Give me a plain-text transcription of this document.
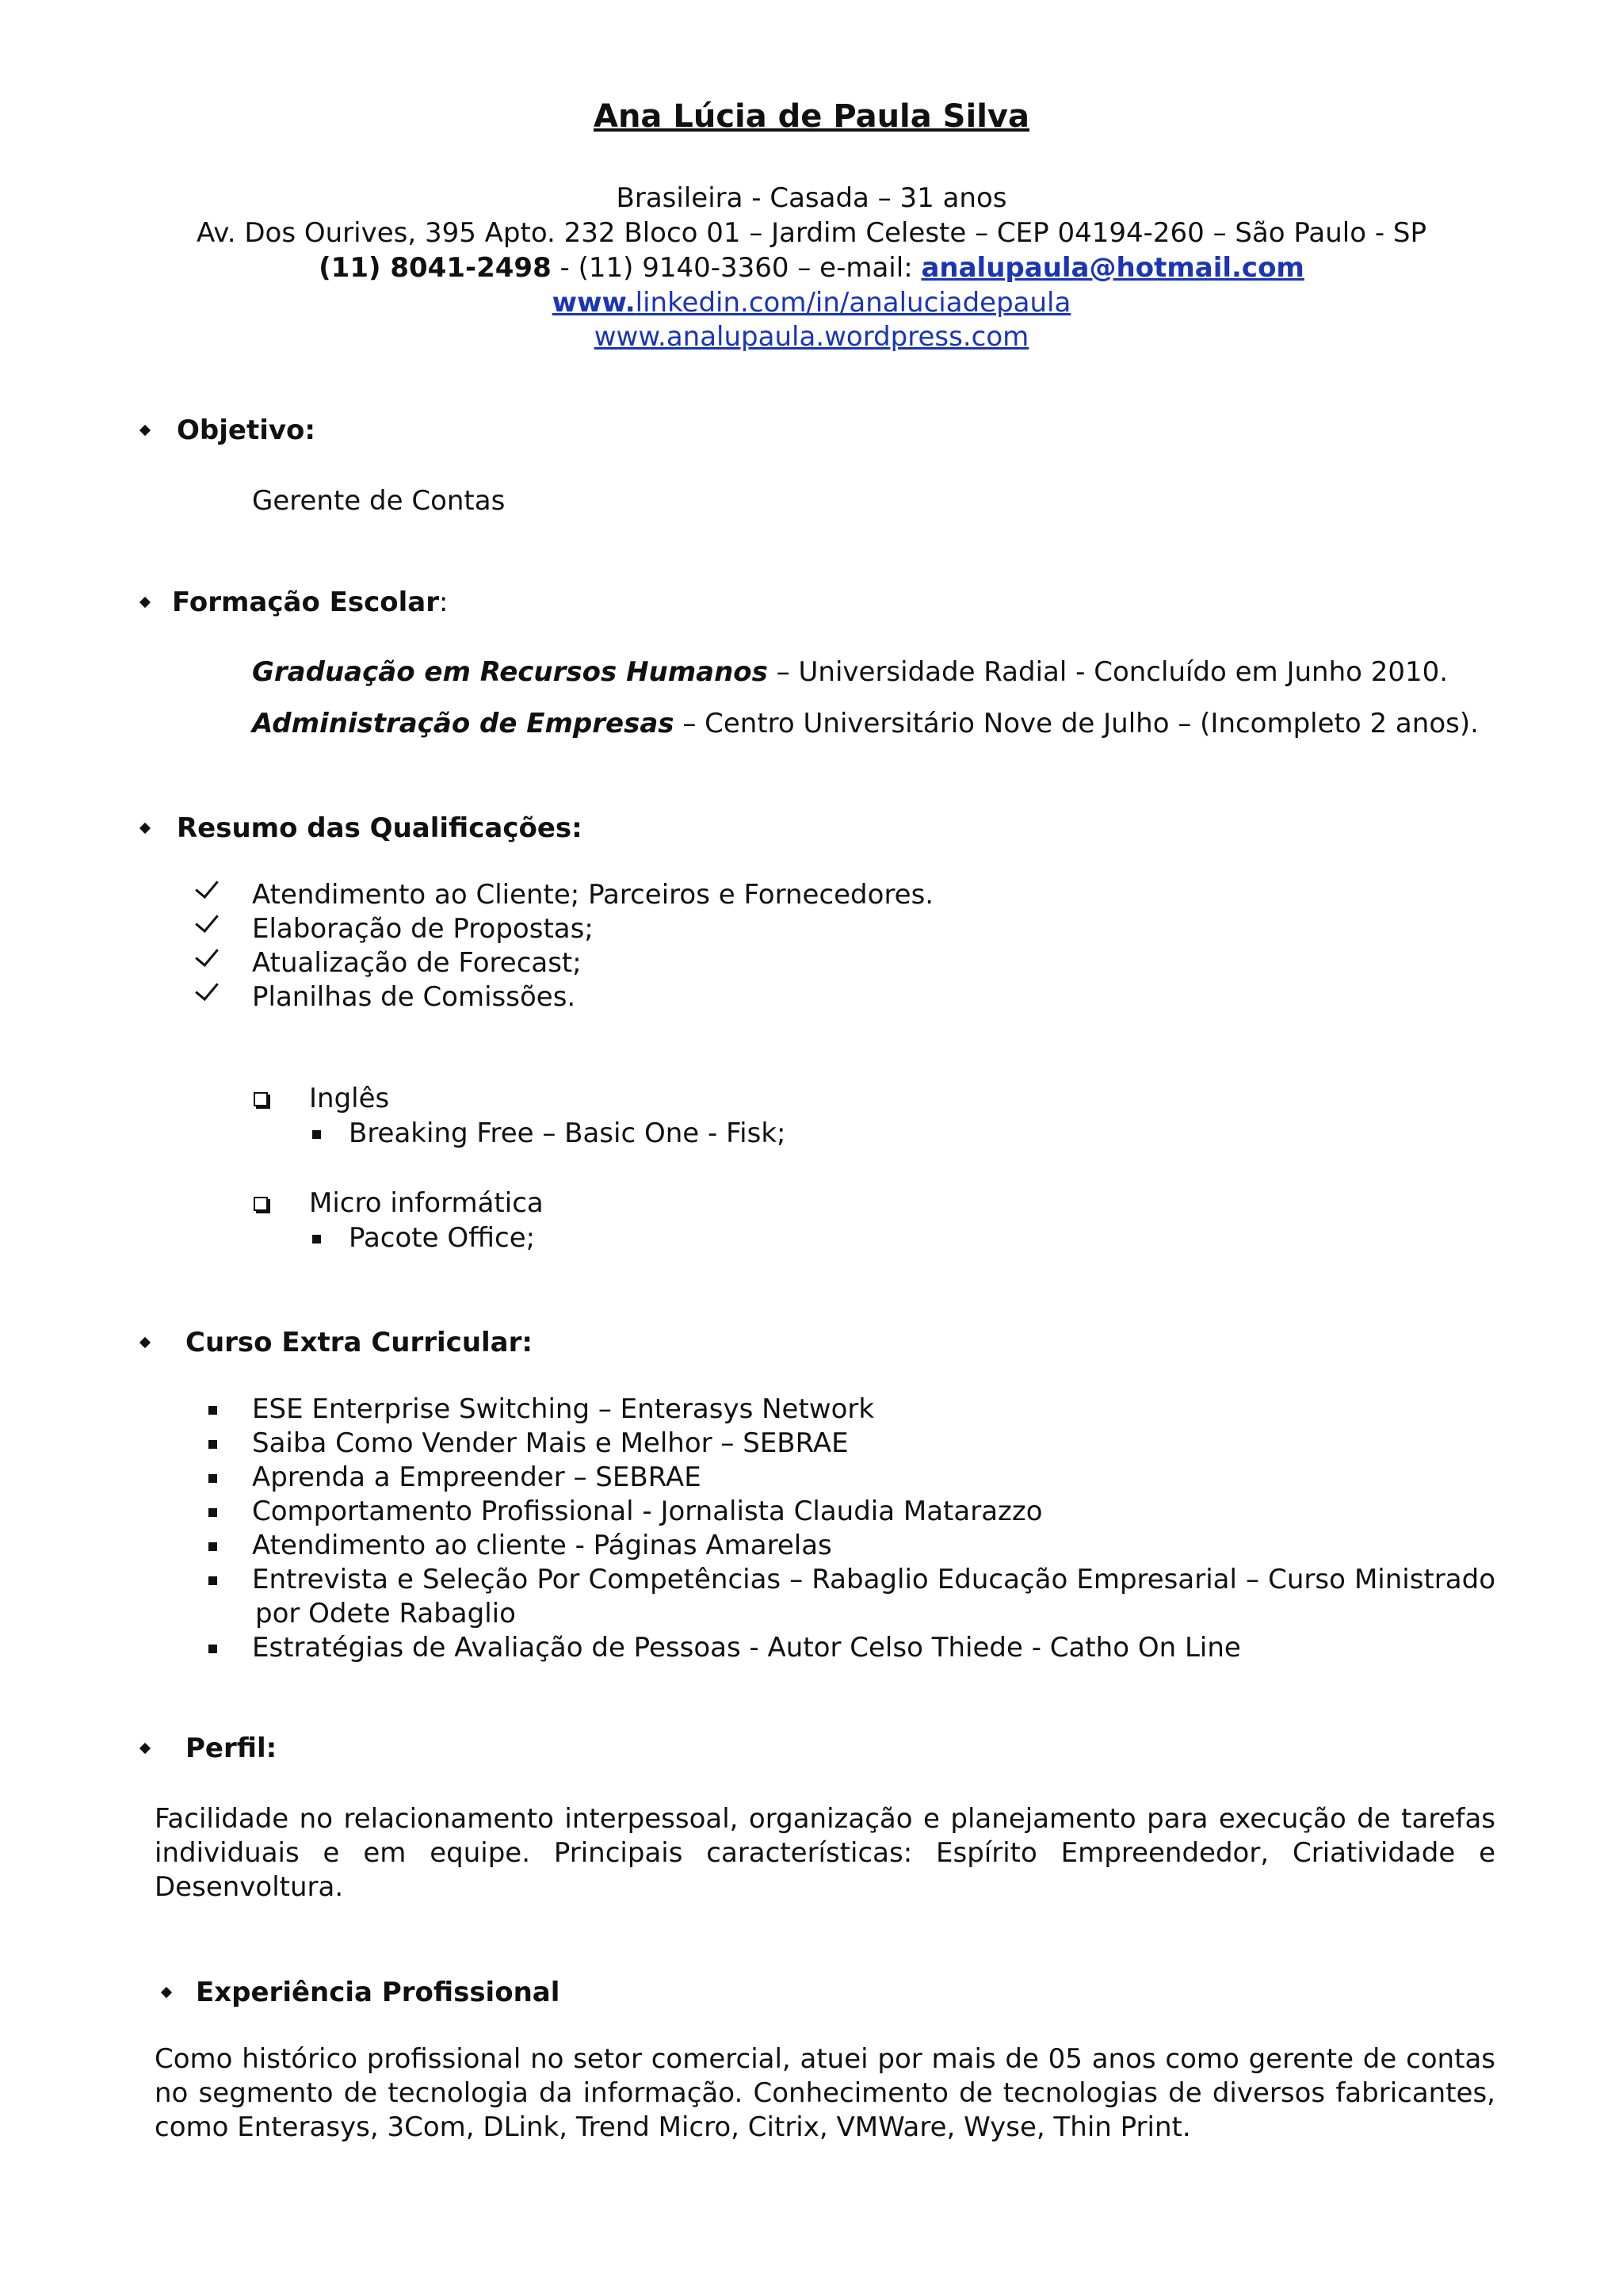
Ana Lúcia de Paula Silva
Brasileira - Casada – 31 anos
Av. Dos Ourives, 395 Apto. 232 Bloco 01 – Jardim Celeste – CEP 04194-260 – São Paulo - SP
(11) 8041-2498 - (11) 9140-3360 – e-mail: analupaula@hotmail.com
www.linkedin.com/in/analuciadepaula
www.analupaula.wordpress.com
Objetivo:
Gerente de Contas
Formação Escolar:
Graduação em Recursos Humanos – Universidade Radial - Concluído em Junho 2010.
Administração de Empresas – Centro Universitário Nove de Julho – (Incompleto 2 anos).
Resumo das Qualificações:
Atendimento ao Cliente; Parceiros e Fornecedores.
Elaboração de Propostas;
Atualização de Forecast;
Planilhas de Comissões.
Inglês
Breaking Free – Basic One - Fisk;
Micro informática
Pacote Office;
Curso Extra Curricular:
ESE Enterprise Switching – Enterasys Network
Saiba Como Vender Mais e Melhor – SEBRAE
Aprenda a Empreender – SEBRAE
Comportamento Profissional - Jornalista Claudia Matarazzo
Atendimento ao cliente - Páginas Amarelas
Entrevista e Seleção Por Competências – Rabaglio Educação Empresarial – Curso Ministrado
por Odete Rabaglio
Estratégias de Avaliação de Pessoas - Autor Celso Thiede - Catho On Line
Perfil:
Facilidade no relacionamento interpessoal, organização e planejamento para execução de tarefas
individuais e em equipe. Principais características: Espírito Empreendedor, Criatividade e
Desenvoltura.
Experiência Profissional
Como histórico profissional no setor comercial, atuei por mais de 05 anos como gerente de contas
no segmento de tecnologia da informação. Conhecimento de tecnologias de diversos fabricantes,
como Enterasys, 3Com, DLink, Trend Micro, Citrix, VMWare, Wyse, Thin Print.
